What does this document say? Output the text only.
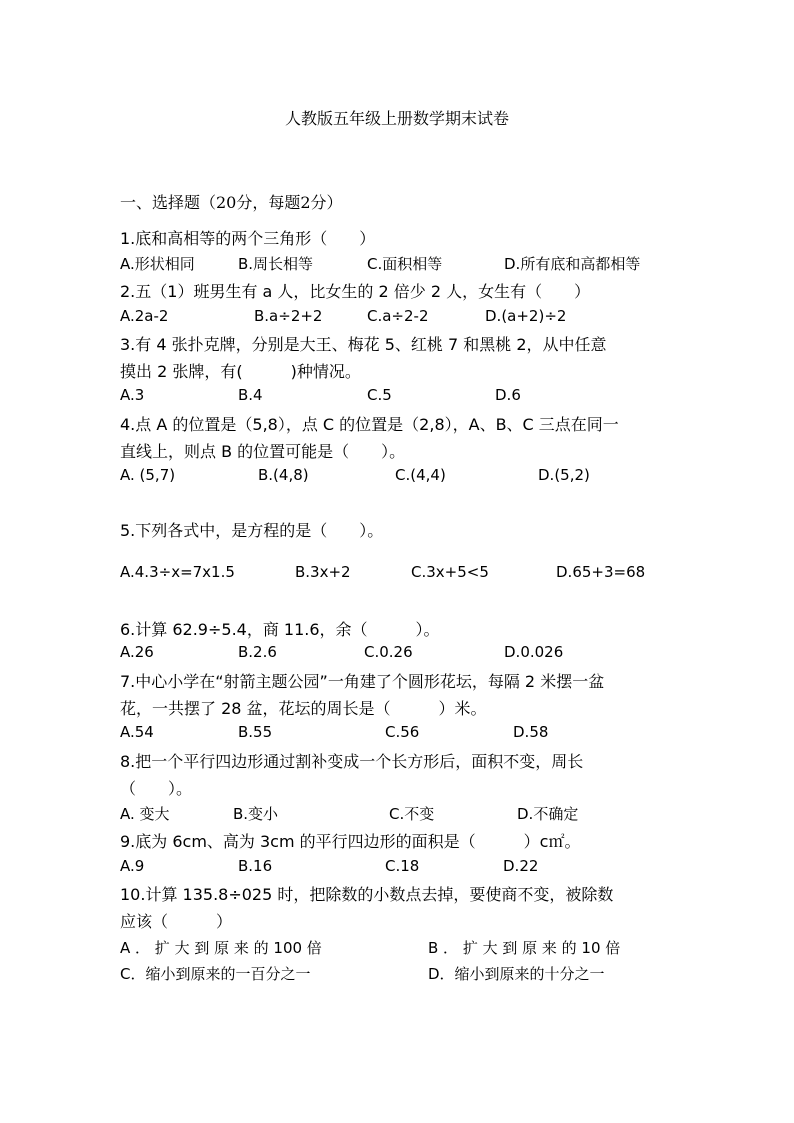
人教版五年级上册数学期末试卷
一、选择题（20分，每题2分）
1.底和高相等的两个三角形（　　）
A.形状相同	B.周长相等	C.面积相等	D.所有底和高都相等
2.五（1）班男生有 a 人，比女生的 2 倍少 2 人，女生有（　　）
A.2a-2	B.a÷2+2	C.a÷2-2	D.(a+2)÷2
3.有 4 张扑克牌，分别是大王、梅花 5、红桃 7 和黑桃 2，从中任意
摸出 2 张牌，有(　　　)种情况。
A.3	B.4	C.5	D.6
4.点 A 的位置是（5,8），点 C 的位置是（2,8），A、B、C 三点在同一
直线上，则点 B 的位置可能是（　　）。
A. (5,7)	B.(4,8)	C.(4,4)	D.(5,2)
5.下列各式中，是方程的是（　　）。
A.4.3÷x=7x1.5	B.3x+2	C.3x+5<5	D.65+3=68
6.计算 62.9÷5.4，商 11.6，余（　　　）。
A.26	B.2.6	C.0.26	D.0.026
7.中心小学在“射箭主题公园”一角建了个圆形花坛，每隔 2 米摆一盆
花，一共摆了 28 盆，花坛的周长是（　　　）米。
A.54	B.55	C.56	D.58
8.把一个平行四边形通过割补变成一个长方形后，面积不变，周长
（　　）。
A. 变大	B.变小	C.不变	D.不确定
9.底为 6cm、高为 3cm 的平行四边形的面积是（　　　）c㎡。
A.9	B.16	C.18	D.22
10.计算 135.8÷025 时，把除数的小数点去掉，要使商不变，被除数
应该（　　　）
A ． 扩 大 到 原 来 的 100 倍	B ． 扩 大 到 原 来 的 10 倍
C．缩小到原来的一百分之一	D．缩小到原来的十分之一
